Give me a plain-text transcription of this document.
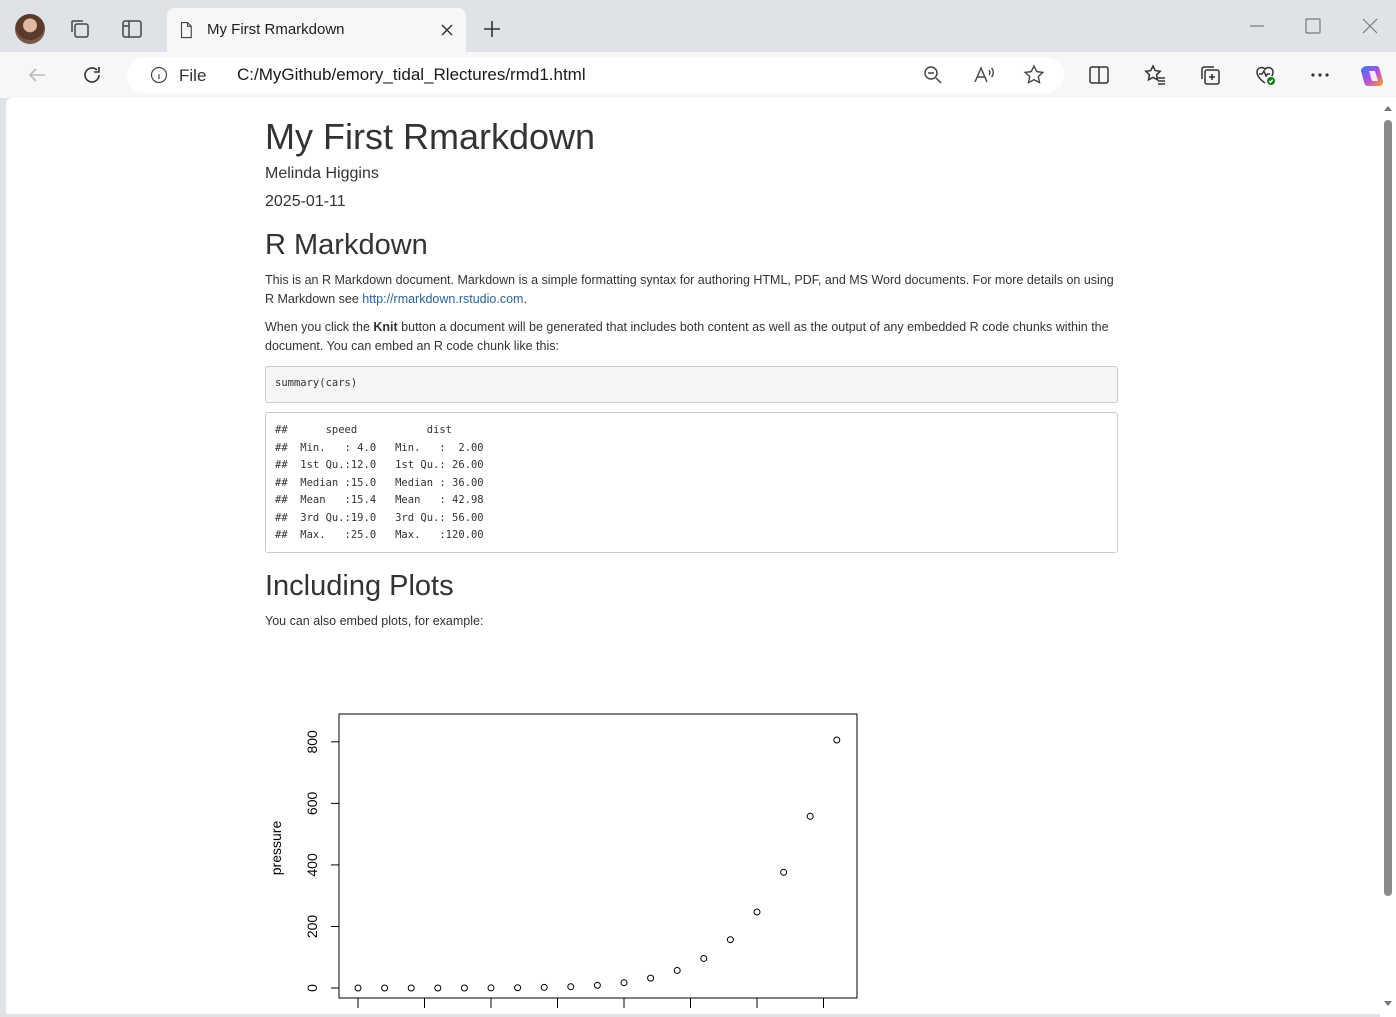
My First Rmarkdown
File C:/MyGithub/emory_tidal_Rlectures/rmd1.html
My First Rmarkdown
Melinda Higgins
2025-01-11
R Markdown

This is an R Markdown document. Markdown is a simple formatting syntax for authoring HTML, PDF, and MS Word documents. For more details on using R Markdown see http://rmarkdown.rstudio.com.

When you click the Knit button a document will be generated that includes both content as well as the output of any embedded R code chunks within the document. You can embed an R code chunk like this:

summary(cars)
##      speed           dist
##  Min.   : 4.0   Min.   :  2.00
##  1st Qu.:12.0   1st Qu.: 26.00
##  Median :15.0   Median : 36.00
##  Mean   :15.4   Mean   : 42.98
##  3rd Qu.:19.0   3rd Qu.: 56.00
##  Max.   :25.0   Max.   :120.00
Including Plots

You can also embed plots, for example:

0
200
400
600
800
pressure
